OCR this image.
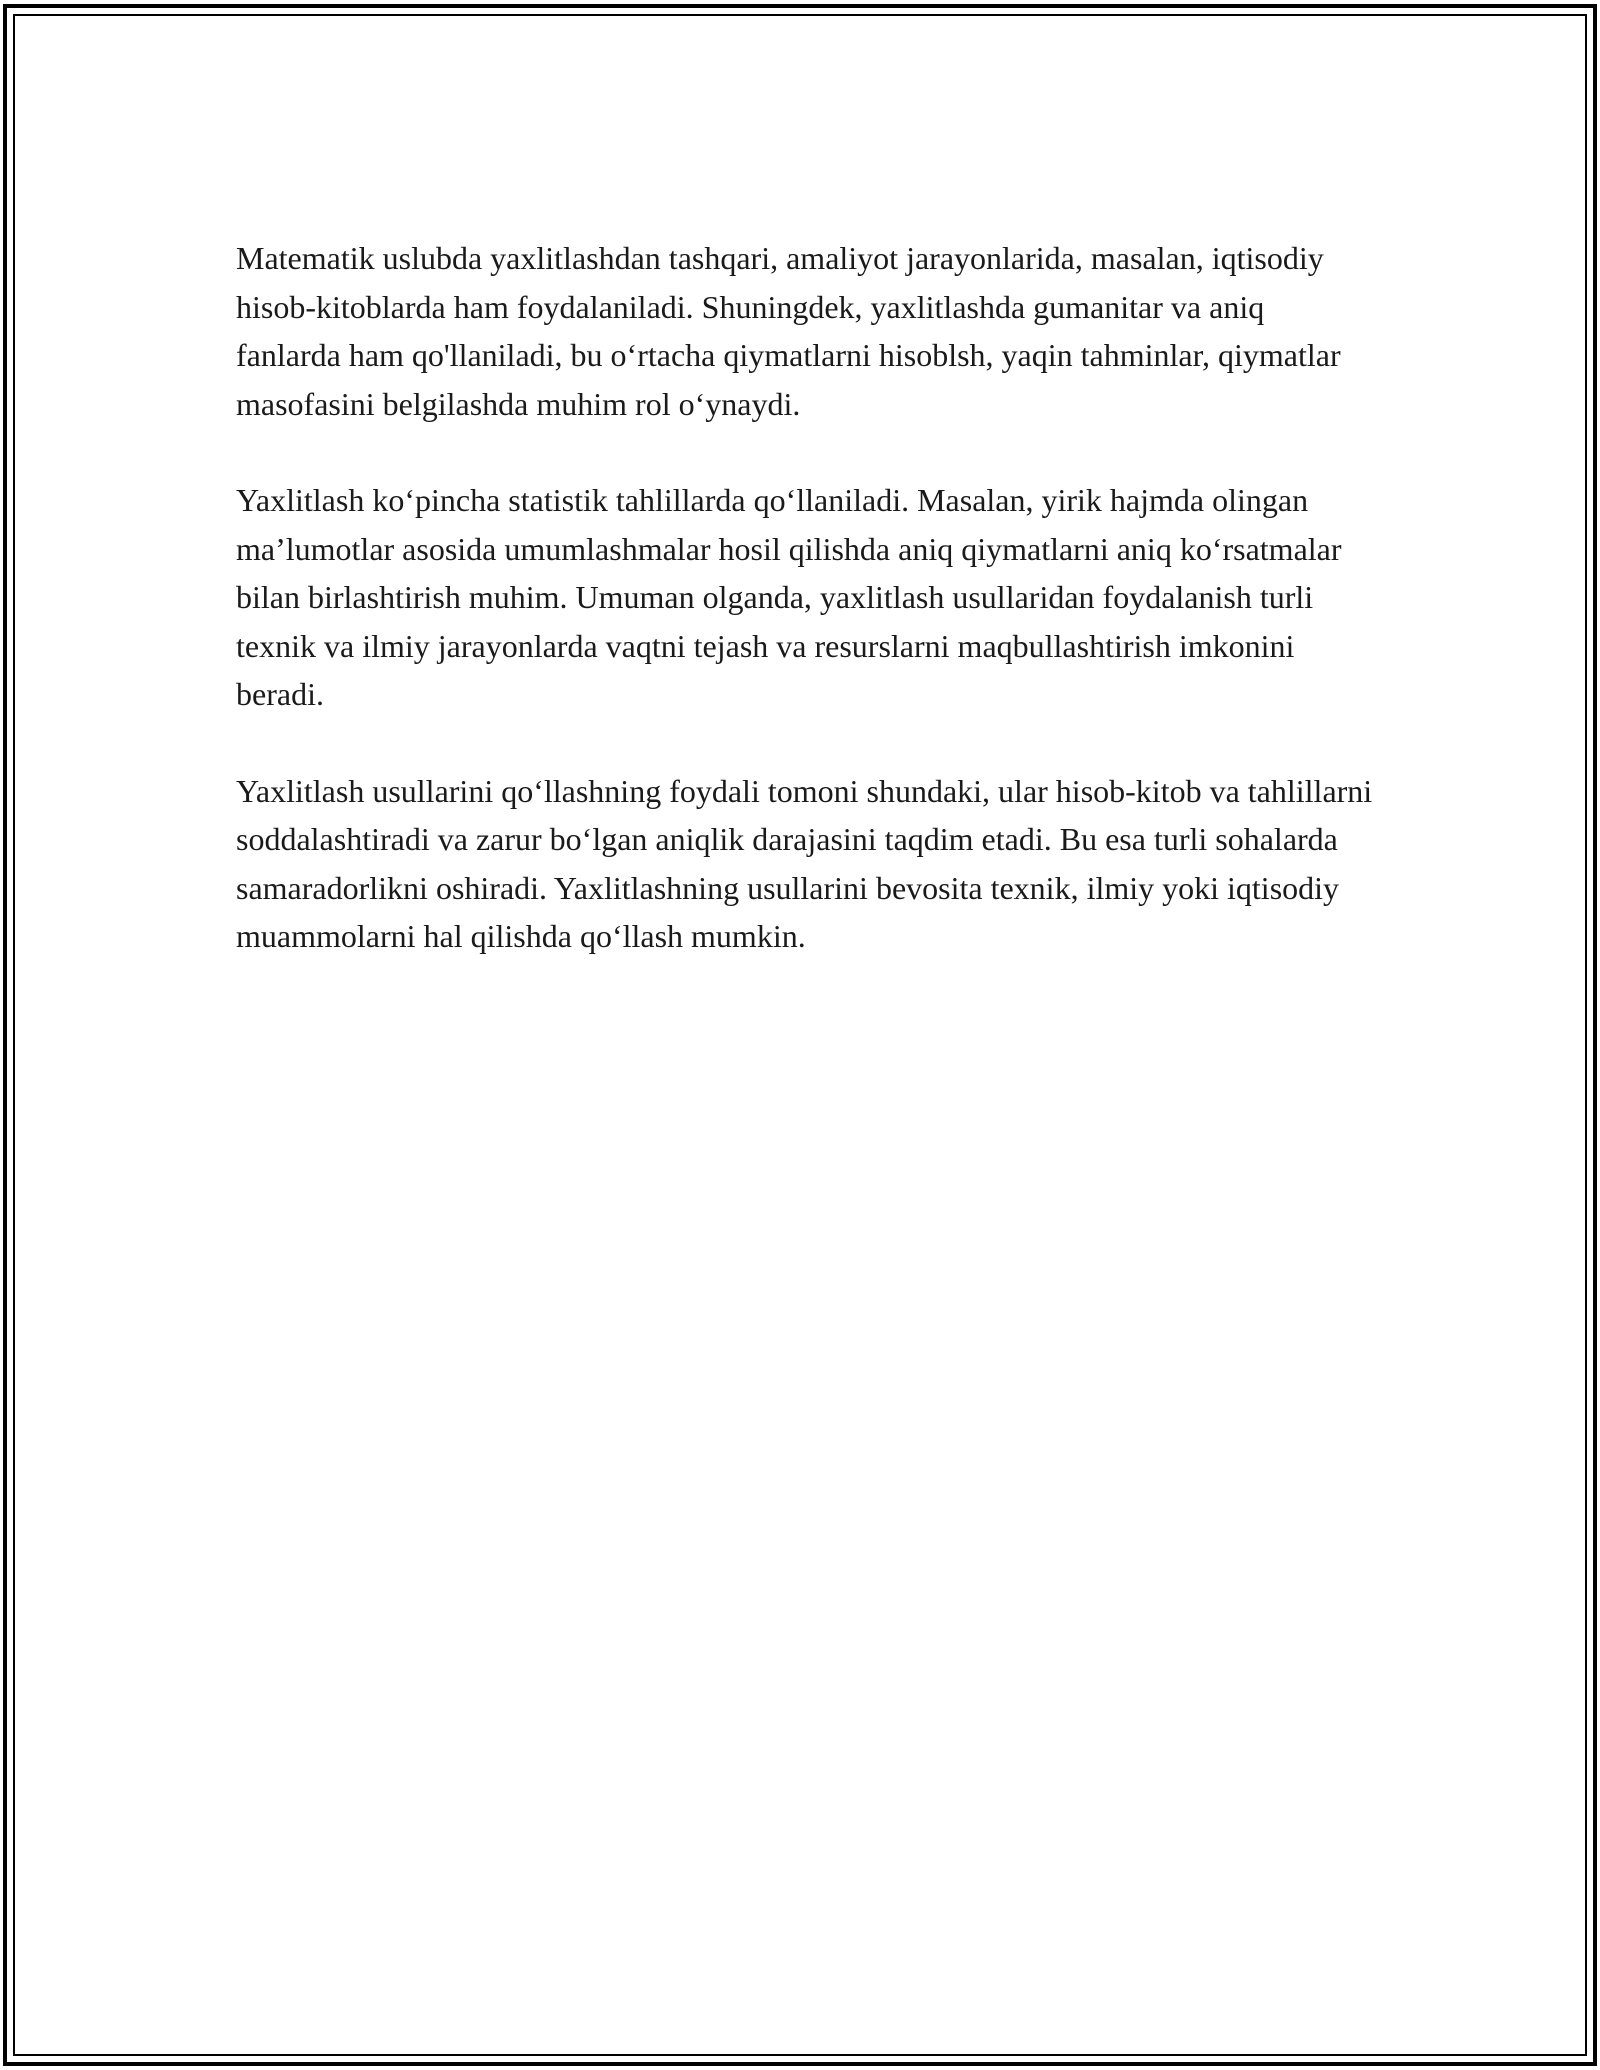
Matematik uslubda yaxlitlashdan tashqari, amaliyot jarayonlarida, masalan, iqtisodiy hisob-kitoblarda ham foydalaniladi. Shuningdek, yaxlitlashda gumanitar va aniq fanlarda ham qo'llaniladi, bu o‘rtacha qiymatlarni hisoblsh, yaqin tahminlar, qiymatlar masofasini belgilashda muhim rol o‘ynaydi.

Yaxlitlash ko‘pincha statistik tahlillarda qo‘llaniladi. Masalan, yirik hajmda olingan ma’lumotlar asosida umumlashmalar hosil qilishda aniq qiymatlarni aniq ko‘rsatmalar bilan birlashtirish muhim. Umuman olganda, yaxlitlash usullaridan foydalanish turli texnik va ilmiy jarayonlarda vaqtni tejash va resurslarni maqbullashtirish imkonini beradi.

Yaxlitlash usullarini qo‘llashning foydali tomoni shundaki, ular hisob-kitob va tahlillarni soddalashtiradi va zarur bo‘lgan aniqlik darajasini taqdim etadi. Bu esa turli sohalarda samaradorlikni oshiradi. Yaxlitlashning usullarini bevosita texnik, ilmiy yoki iqtisodiy muammolarni hal qilishda qo‘llash mumkin.
